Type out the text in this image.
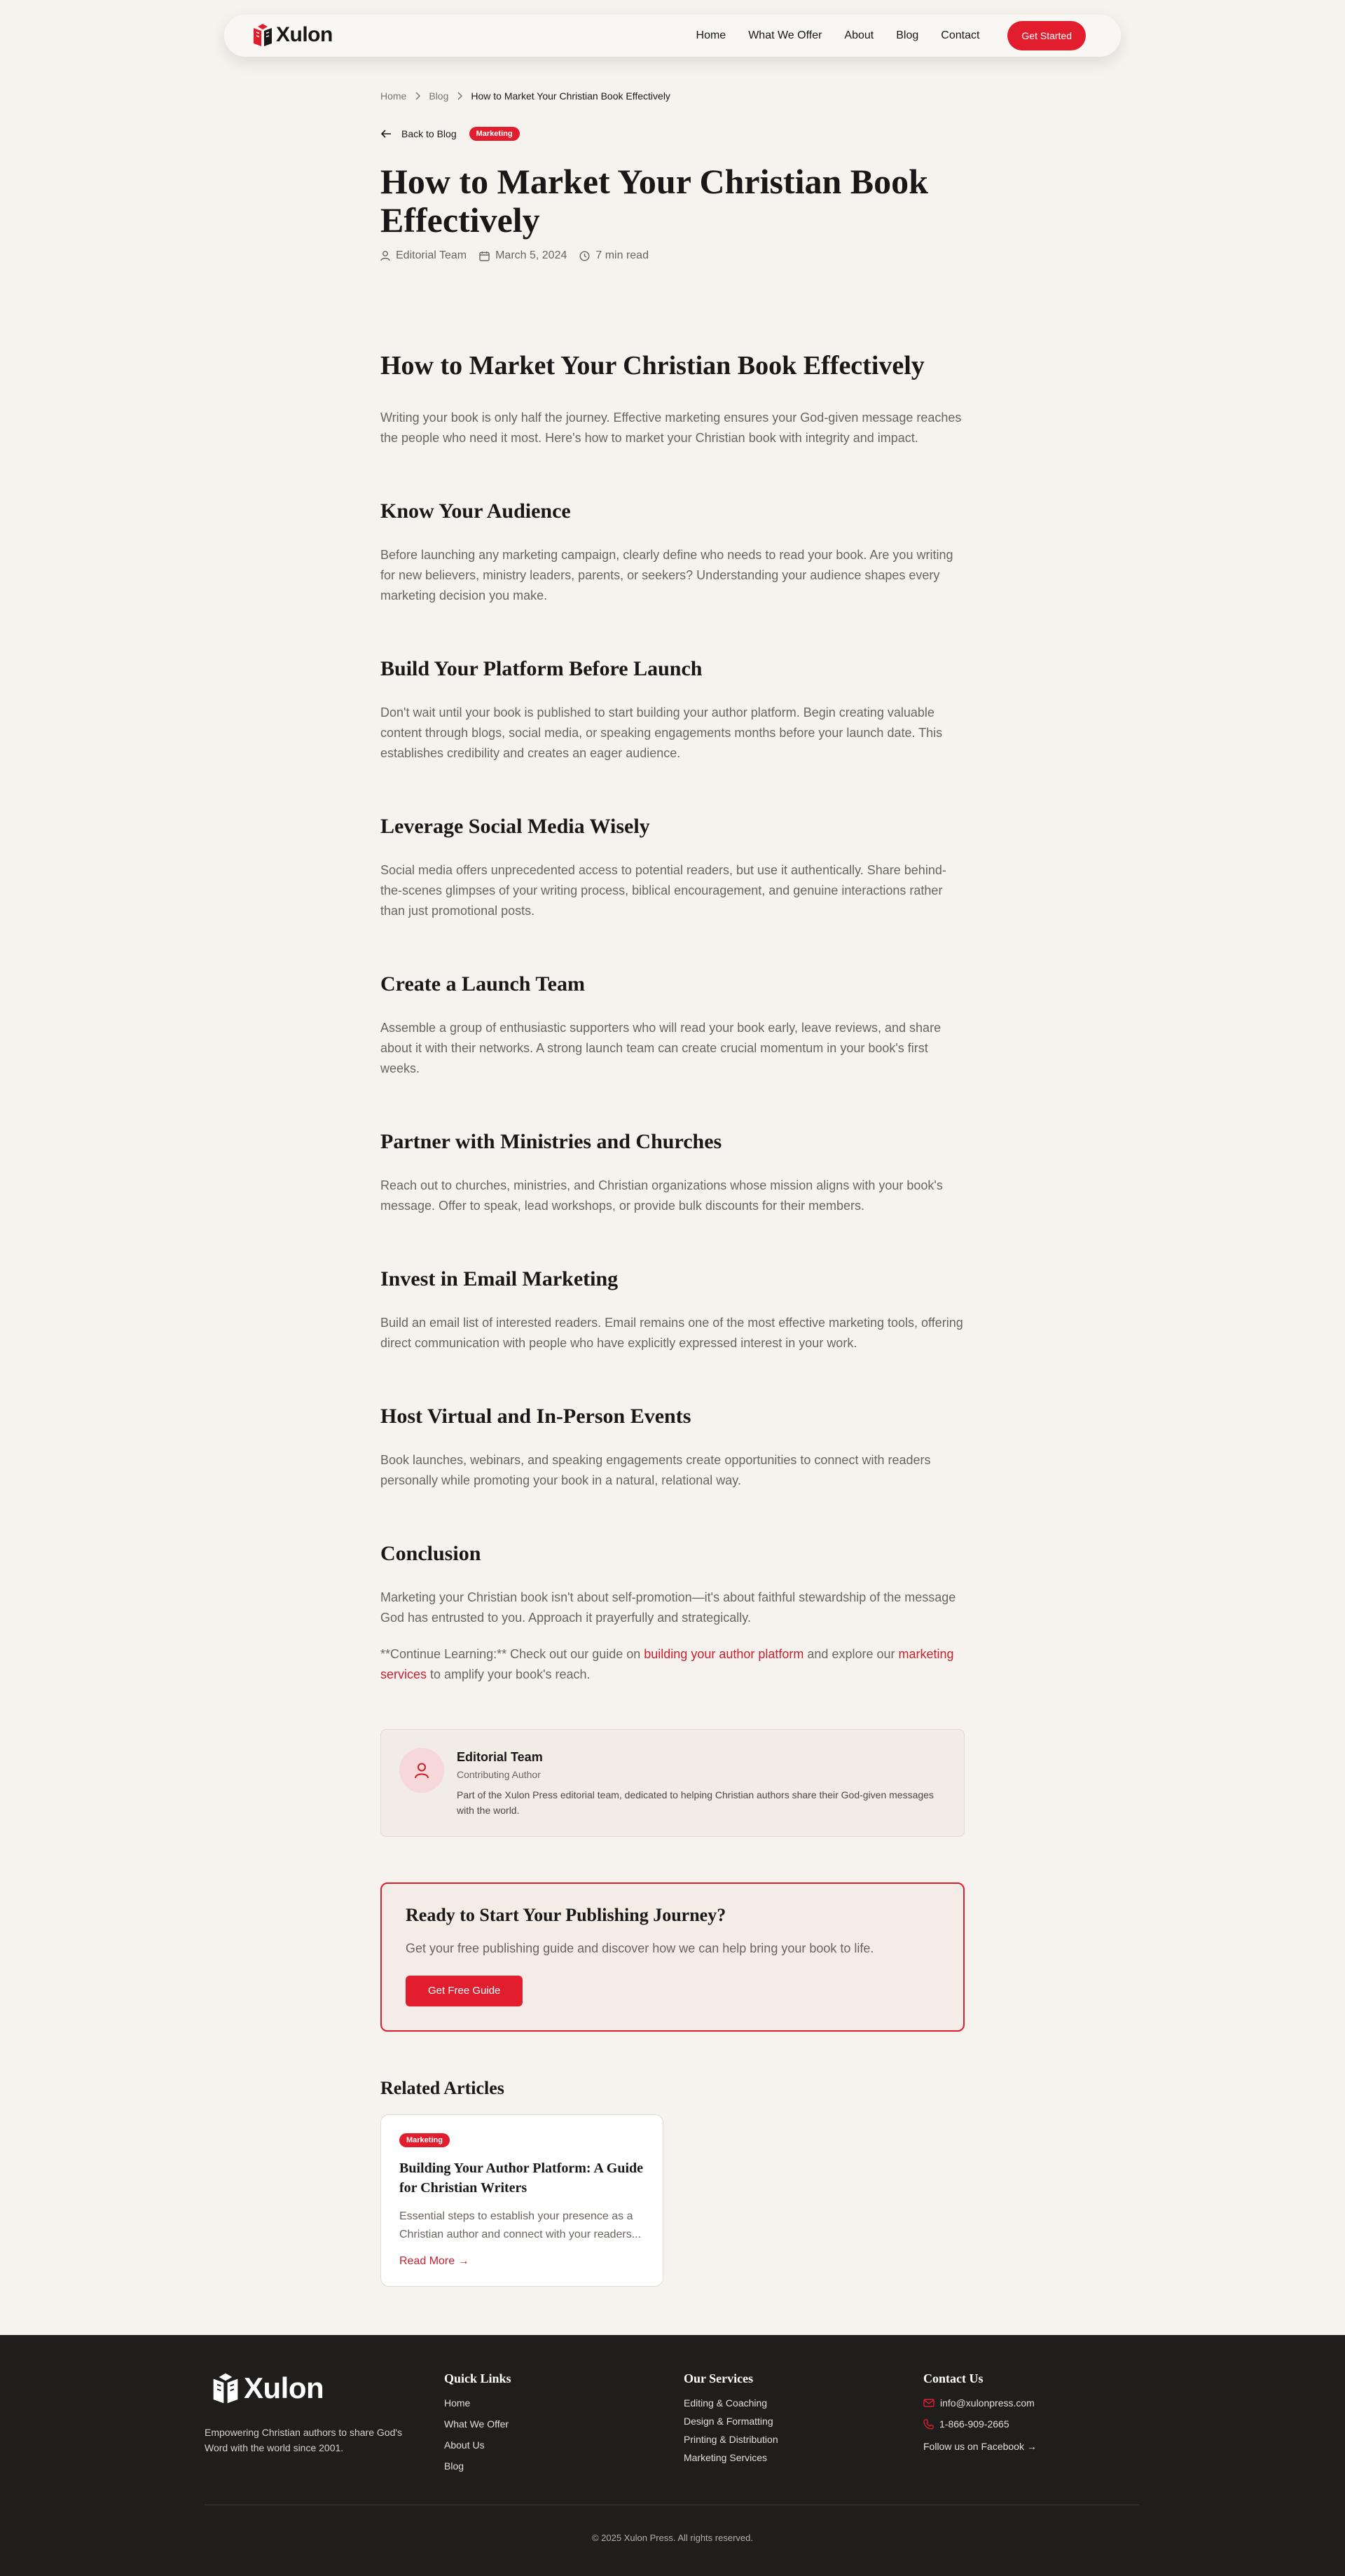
Xulon	Home What We Offer About Blog Contact	Get Started
Home Blog How to Market Your Christian Book Effectively
Back to Blog	Marketing
How to Market Your Christian Book Effectively
Editorial Team	March 5, 2024	7 min read
How to Market Your Christian Book Effectively

Writing your book is only half the journey. Effective marketing ensures your God-given message reaches the people who need it most. Here's how to market your Christian book with integrity and impact.

Know Your Audience

Before launching any marketing campaign, clearly define who needs to read your book. Are you writing for new believers, ministry leaders, parents, or seekers? Understanding your audience shapes every marketing decision you make.

Build Your Platform Before Launch

Don't wait until your book is published to start building your author platform. Begin creating valuable content through blogs, social media, or speaking engagements months before your launch date. This establishes credibility and creates an eager audience.

Leverage Social Media Wisely

Social media offers unprecedented access to potential readers, but use it authentically. Share behind-the-scenes glimpses of your writing process, biblical encouragement, and genuine interactions rather than just promotional posts.

Create a Launch Team

Assemble a group of enthusiastic supporters who will read your book early, leave reviews, and share about it with their networks. A strong launch team can create crucial momentum in your book's first weeks.

Partner with Ministries and Churches

Reach out to churches, ministries, and Christian organizations whose mission aligns with your book's message. Offer to speak, lead workshops, or provide bulk discounts for their members.

Invest in Email Marketing

Build an email list of interested readers. Email remains one of the most effective marketing tools, offering direct communication with people who have explicitly expressed interest in your work.

Host Virtual and In-Person Events

Book launches, webinars, and speaking engagements create opportunities to connect with readers personally while promoting your book in a natural, relational way.

Conclusion

Marketing your Christian book isn't about self-promotion—it's about faithful stewardship of the message God has entrusted to you. Approach it prayerfully and strategically.

**Continue Learning:** Check out our guide on building your author platform and explore our marketing services to amplify your book's reach.

Editorial Team
Contributing Author
Part of the Xulon Press editorial team, dedicated to helping Christian authors share their God-given messages with the world.
Ready to Start Your Publishing Journey?

Get your free publishing guide and discover how we can help bring your book to life.

Get Free Guide
Related Articles
Marketing
Building Your Author Platform: A Guide for Christian Writers
Essential steps to establish your presence as a Christian author and connect with your readers...
Read More →
Xulon
Empowering Christian authors to share God's Word with the world since 2001.
Quick Links
Home
What We Offer
About Us
Blog
Our Services
Editing & Coaching
Design & Formatting
Printing & Distribution
Marketing Services
Contact Us
info@xulonpress.com
1-866-909-2665
Follow us on Facebook →
© 2025 Xulon Press. All rights reserved.
